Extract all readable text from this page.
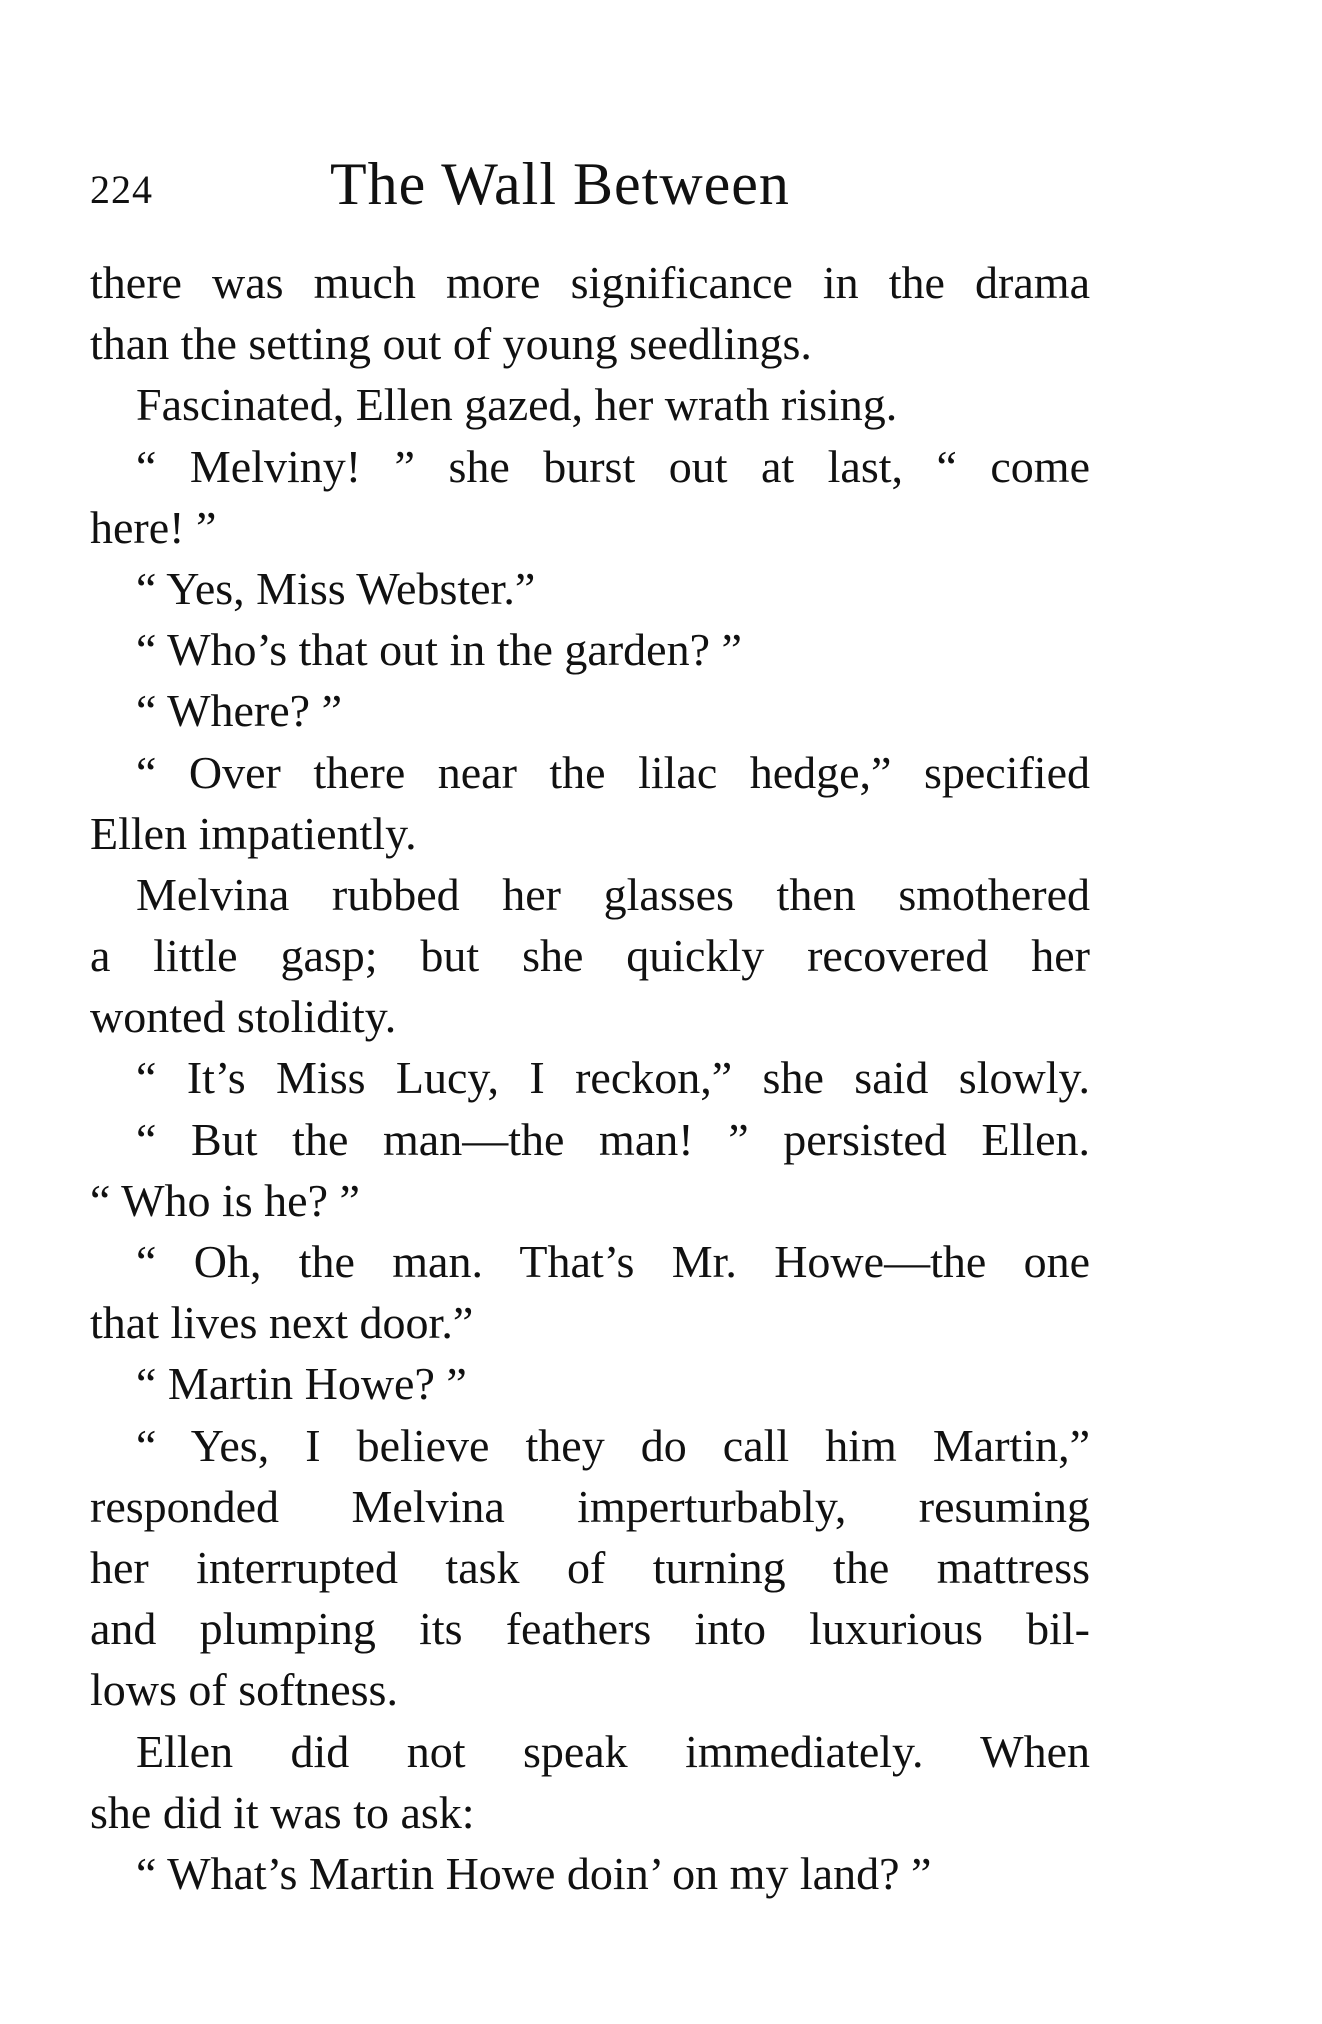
224	The Wall Between
there was much more significance in the drama
than the setting out of young seedlings.
Fascinated, Ellen gazed, her wrath rising.
“ Melviny! ” she burst out at last, “ come
here! ”
“ Yes, Miss Webster.”
“ Who’s that out in the garden? ”
“ Where? ”
“ Over there near the lilac hedge,” specified
Ellen impatiently.
Melvina rubbed her glasses then smothered
a little gasp; but she quickly recovered her
wonted stolidity.
“ It’s Miss Lucy, I reckon,” she said slowly.
“ But the man—the man! ” persisted Ellen.
“ Who is he? ”
“ Oh, the man. That’s Mr. Howe—the one
that lives next door.”
“ Martin Howe? ”
“ Yes, I believe they do call him Martin,”
responded Melvina imperturbably, resuming
her interrupted task of turning the mattress
and plumping its feathers into luxurious bil-
lows of softness.
Ellen did not speak immediately. When
she did it was to ask:
“ What’s Martin Howe doin’ on my land? ”
